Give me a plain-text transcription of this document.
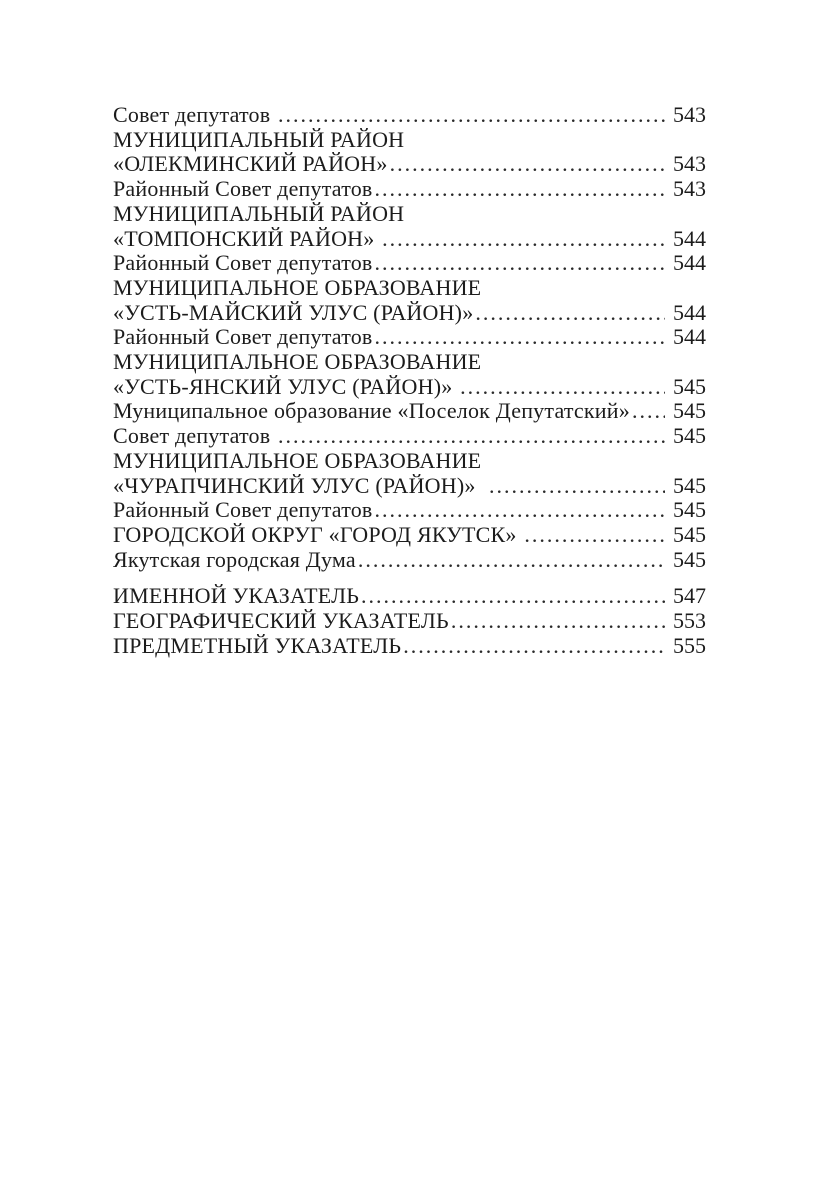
Совет депутатов .....	543
МУНИЦИПАЛЬНЫЙ РАЙОН
«ОЛЕКМИНСКИЙ РАЙОН» .....	543
Районный Совет депутатов .....	543
МУНИЦИПАЛЬНЫЙ РАЙОН
«ТОМПОНСКИЙ РАЙОН» .....	544
Районный Совет депутатов .....	544
МУНИЦИПАЛЬНОЕ ОБРАЗОВАНИЕ
«УСТЬ-МАЙСКИЙ УЛУС (РАЙОН)» .....	544
Районный Совет депутатов .....	544
МУНИЦИПАЛЬНОЕ ОБРАЗОВАНИЕ
«УСТЬ-ЯНСКИЙ УЛУС (РАЙОН)» .....	545
Муниципальное образование «Поселок Депутатский» ..... 545
Совет депутатов .....	545
МУНИЦИПАЛЬНОЕ ОБРАЗОВАНИЕ
«ЧУРАПЧИНСКИЙ УЛУС (РАЙОН)» .....	545
Районный Совет депутатов .....	545
ГОРОДСКОЙ ОКРУГ «ГОРОД ЯКУТСК» .....	545
Якутская городская Дума .....	545
ИМЕННОЙ УКАЗАТЕЛЬ .....	547
ГЕОГРАФИЧЕСКИЙ УКАЗАТЕЛЬ .....	553
ПРЕДМЕТНЫЙ УКАЗАТЕЛЬ .....	555
